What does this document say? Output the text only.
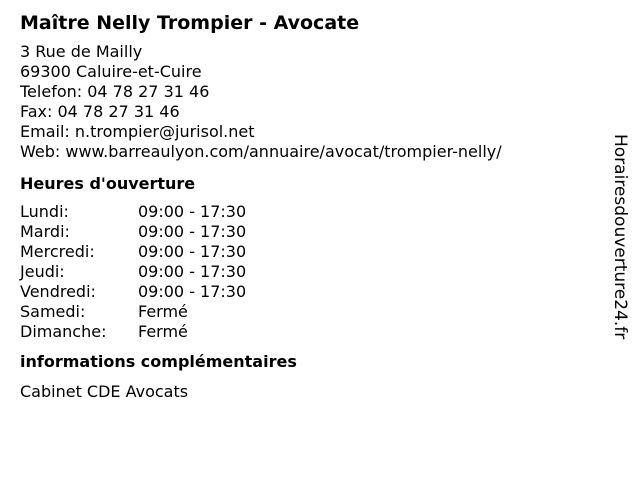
Maître Nelly Trompier - Avocate
3 Rue de Mailly
69300 Caluire-et-Cuire
Telefon: 04 78 27 31 46
Fax: 04 78 27 31 46
Email: n.trompier@jurisol.net
Web: www.barreaulyon.com/annuaire/avocat/trompier-nelly/
Heures d'ouverture
Lundi:	09:00 - 17:30
Mardi:	09:00 - 17:30
Mercredi:	09:00 - 17:30
Jeudi:	09:00 - 17:30
Vendredi:	09:00 - 17:30
Samedi:	Fermé
Dimanche:	Fermé
informations complémentaires
Cabinet CDE Avocats
Horairesdouverture24.fr
